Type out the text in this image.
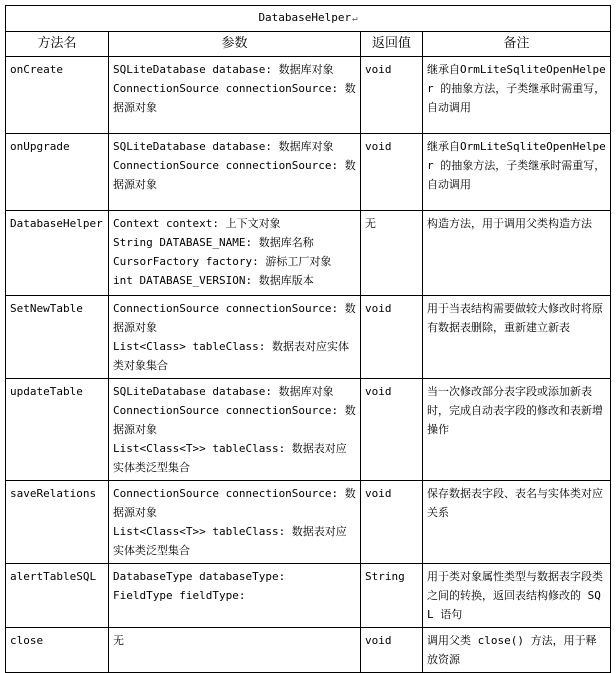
DatabaseHelper↵			
方法名	参数	返回值	备注
onCreate	SQLiteDatabase database: 数据库对象
ConnectionSource connectionSource: 数据源对象	void	继承自OrmLiteSqliteOpenHelper 的抽象方法，子类继承时需重写，自动调用
onUpgrade	SQLiteDatabase database: 数据库对象
ConnectionSource connectionSource: 数据源对象	void	继承自OrmLiteSqliteOpenHelper 的抽象方法，子类继承时需重写，自动调用
DatabaseHelper	Context context: 上下文对象
String DATABASE_NAME: 数据库名称
CursorFactory factory: 游标工厂对象
int DATABASE_VERSION: 数据库版本	无	构造方法，用于调用父类构造方法
SetNewTable	ConnectionSource connectionSource: 数据源对象
List<Class> tableClass: 数据表对应实体类对象集合	void	用于当表结构需要做较大修改时将原有数据表删除，重新建立新表
updateTable	SQLiteDatabase database: 数据库对象
ConnectionSource connectionSource: 数据源对象
List<Class<T>> tableClass: 数据表对应实体类泛型集合	void	当一次修改部分表字段或添加新表时，完成自动表字段的修改和表新增操作
saveRelations	ConnectionSource connectionSource: 数据源对象
List<Class<T>> tableClass: 数据表对应实体类泛型集合	void	保存数据表字段、表名与实体类对应关系
alertTableSQL	DatabaseType databaseType:
FieldType fieldType:	String	用于类对象属性类型与数据表字段类之间的转换，返回表结构修改的 SQL 语句
close	无	void	调用父类 close() 方法，用于释放资源
